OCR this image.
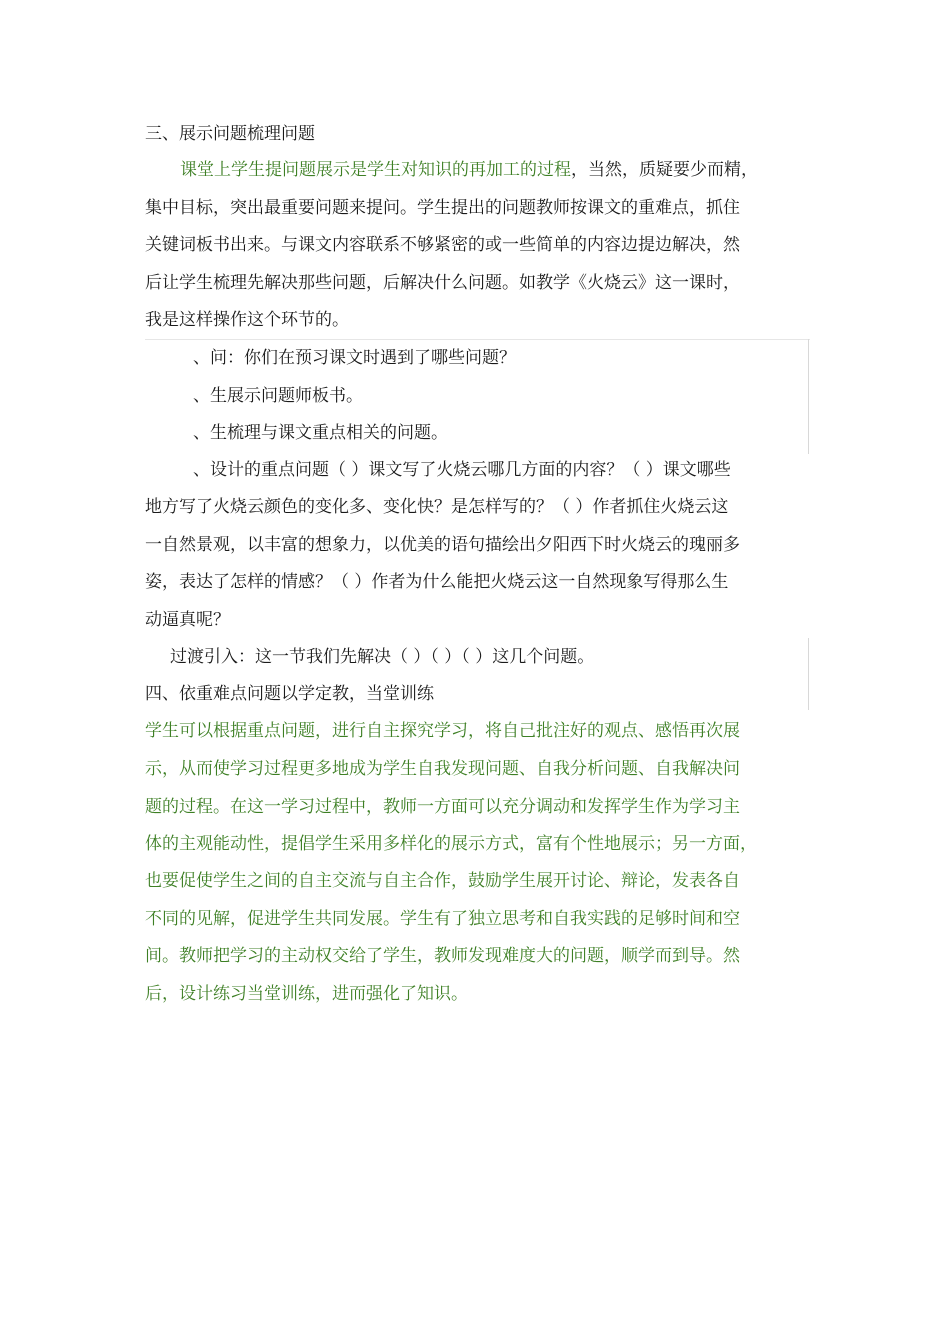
三、展示问题梳理问题
课堂上学生提问题展示是学生对知识的再加工的过程，当然，质疑要少而精，
集中目标，突出最重要问题来提问。学生提出的问题教师按课文的重难点，抓住
关键词板书出来。与课文内容联系不够紧密的或一些简单的内容边提边解决，然
后让学生梳理先解决那些问题，后解决什么问题。如教学《火烧云》这一课时，
我是这样操作这个环节的。
、问：你们在预习课文时遇到了哪些问题？
、生展示问题师板书。
、生梳理与课文重点相关的问题。
、设计的重点问题（ ）课文写了火烧云哪几方面的内容？（ ）课文哪些
地方写了火烧云颜色的变化多、变化快？是怎样写的？（ ）作者抓住火烧云这
一自然景观，以丰富的想象力，以优美的语句描绘出夕阳西下时火烧云的瑰丽多
姿，表达了怎样的情感？（ ）作者为什么能把火烧云这一自然现象写得那么生
动逼真呢？
过渡引入：这一节我们先解决（ ）（ ）（ ）这几个问题。
四、依重难点问题以学定教，当堂训练
学生可以根据重点问题，进行自主探究学习，将自己批注好的观点、感悟再次展
示，从而使学习过程更多地成为学生自我发现问题、自我分析问题、自我解决问
题的过程。在这一学习过程中，教师一方面可以充分调动和发挥学生作为学习主
体的主观能动性，提倡学生采用多样化的展示方式，富有个性地展示；另一方面，
也要促使学生之间的自主交流与自主合作，鼓励学生展开讨论、辩论，发表各自
不同的见解，促进学生共同发展。学生有了独立思考和自我实践的足够时间和空
间。教师把学习的主动权交给了学生，教师发现难度大的问题，顺学而到导。然
后，设计练习当堂训练，进而强化了知识。
